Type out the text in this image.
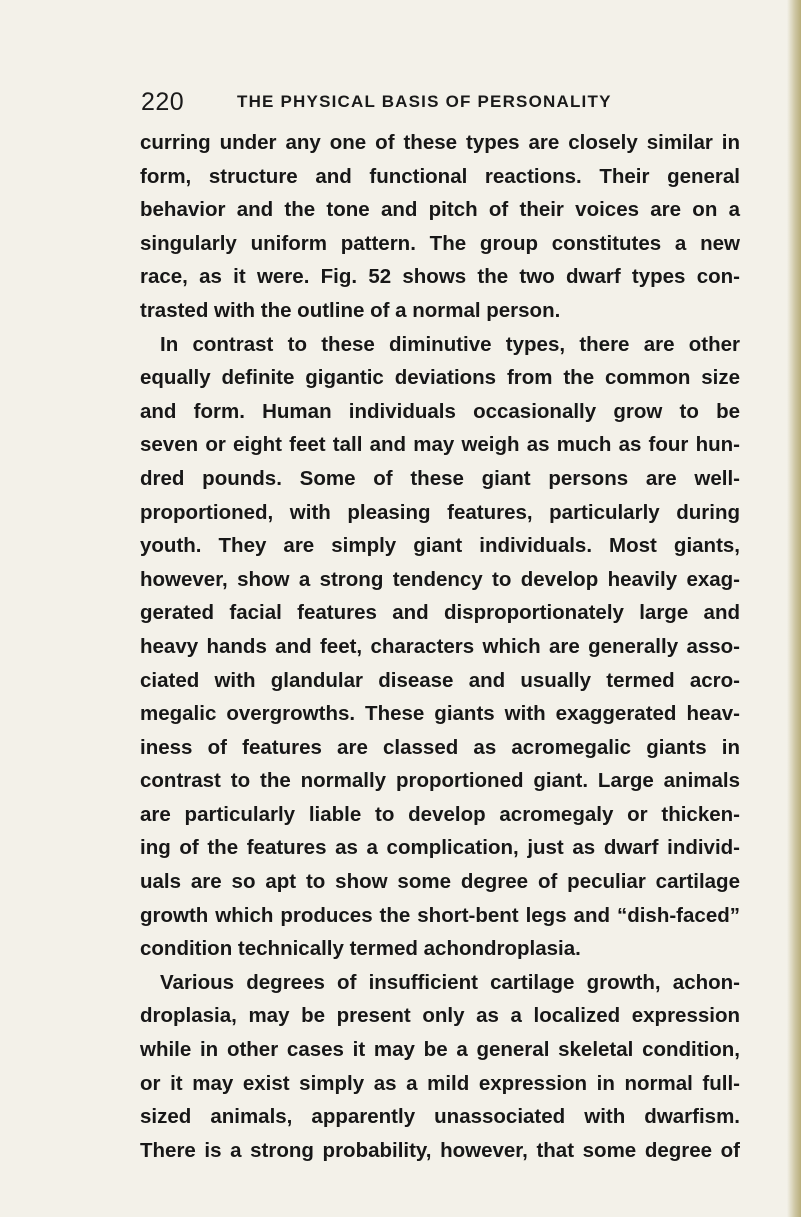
220	THE PHYSICAL BASIS OF PERSONALITY
curring under any one of these types are closely similar in
form, structure and functional reactions. Their general
behavior and the tone and pitch of their voices are on a
singularly uniform pattern. The group constitutes a new
race, as it were. Fig. 52 shows the two dwarf types con-
trasted with the outline of a normal person.
In contrast to these diminutive types, there are other
equally definite gigantic deviations from the common size
and form. Human individuals occasionally grow to be
seven or eight feet tall and may weigh as much as four hun-
dred pounds. Some of these giant persons are well-
proportioned, with pleasing features, particularly during
youth. They are simply giant individuals. Most giants,
however, show a strong tendency to develop heavily exag-
gerated facial features and disproportionately large and
heavy hands and feet, characters which are generally asso-
ciated with glandular disease and usually termed acro-
megalic overgrowths. These giants with exaggerated heav-
iness of features are classed as acromegalic giants in
contrast to the normally proportioned giant. Large animals
are particularly liable to develop acromegaly or thicken-
ing of the features as a complication, just as dwarf individ-
uals are so apt to show some degree of peculiar cartilage
growth which produces the short-bent legs and “dish-faced”
condition technically termed achondroplasia.
Various degrees of insufficient cartilage growth, achon-
droplasia, may be present only as a localized expression
while in other cases it may be a general skeletal condition,
or it may exist simply as a mild expression in normal full-
sized animals, apparently unassociated with dwarfism.
There is a strong probability, however, that some degree of
